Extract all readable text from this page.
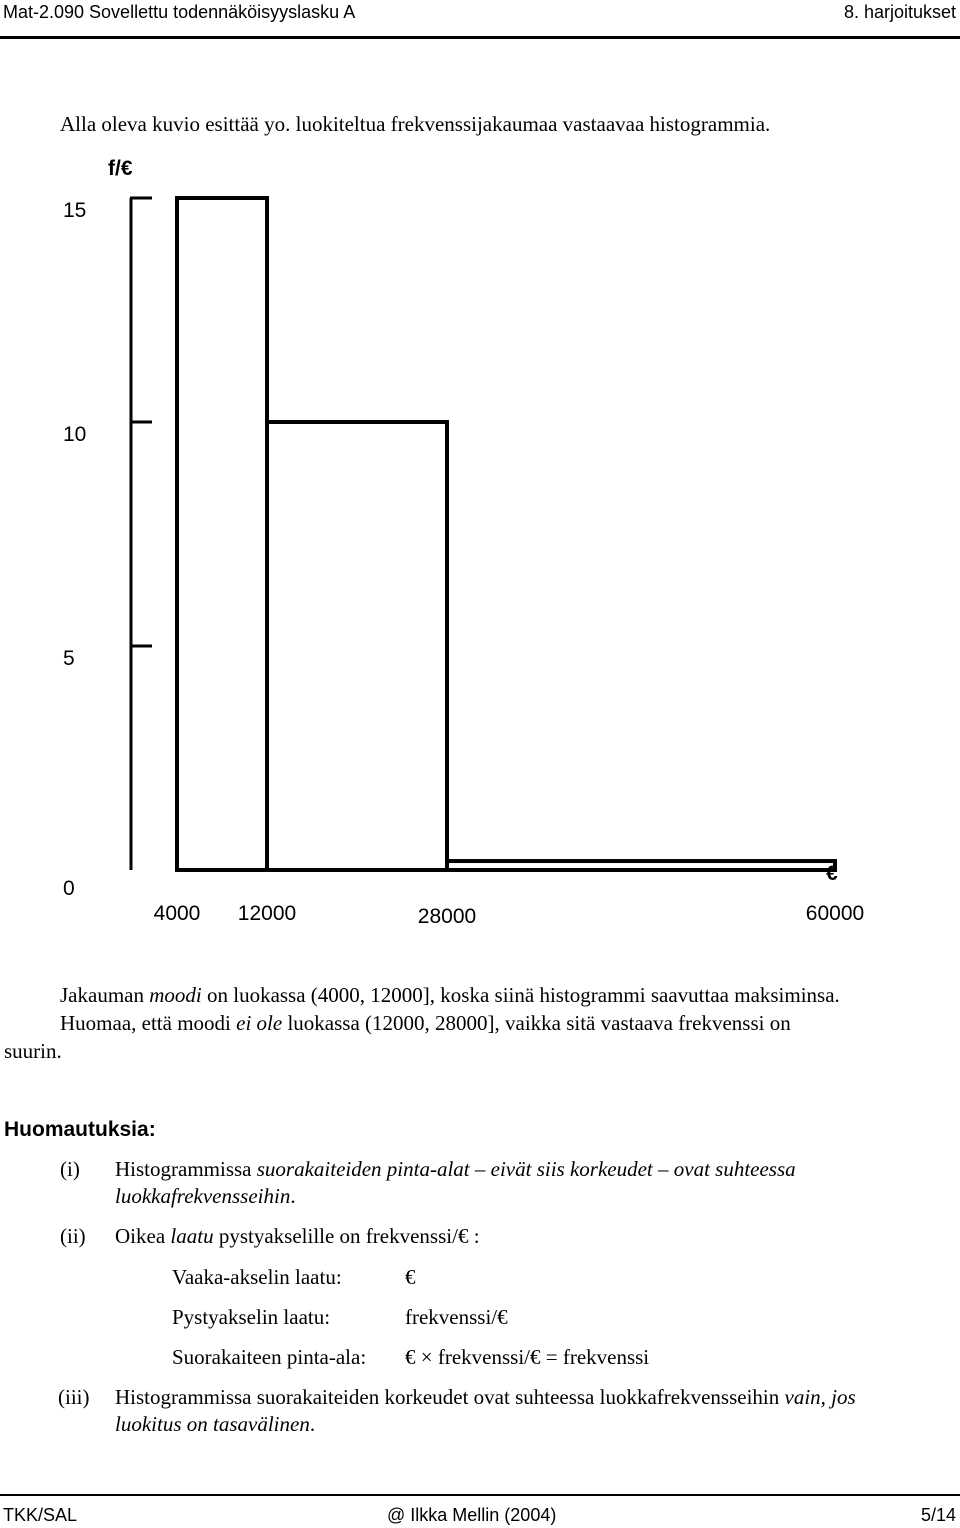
Mat-2.090 Sovellettu todennäköisyyslasku A	8. harjoitukset
Alla oleva kuvio esittää yo. luokiteltua frekvenssijakaumaa vastaavaa histogrammia.
0
5
10
15
f/€
€
4000 12000	28000	60000
Jakauman moodi on luokassa (4000, 12000], koska siinä histogrammi saavuttaa maksiminsa.
Huomaa, että moodi ei ole luokassa (12000, 28000], vaikka sitä vastaava frekvenssi on
suurin.
Huomautuksia:
(i) Histogrammissa suorakaiteiden pinta-alat – eivät siis korkeudet – ovat suhteessa
luokkafrekvensseihin.
(ii) Oikea laatu pystyakselille on frekvenssi/€ :
Vaaka-akselin laatu:	€
Pystyakselin laatu:	frekvenssi/€
Suorakaiteen pinta-ala: € × frekvenssi/€ = frekvenssi
(iii) Histogrammissa suorakaiteiden korkeudet ovat suhteessa luokkafrekvensseihin vain, jos
luokitus on tasavälinen.
TKK/SAL	@ Ilkka Mellin (2004)	5/14
